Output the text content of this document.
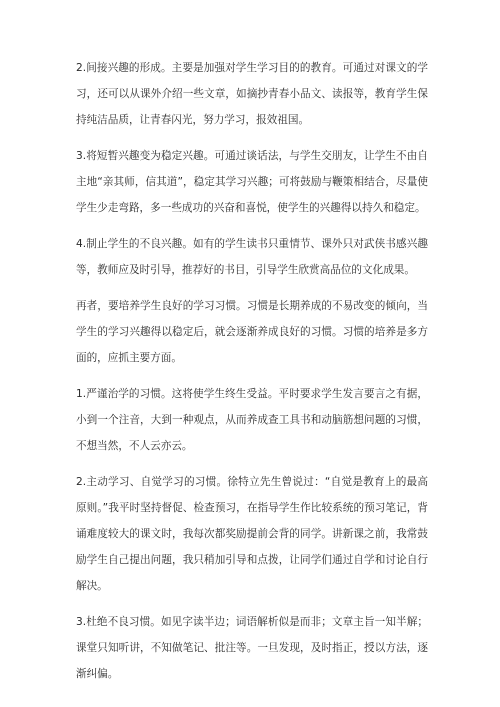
2.间接兴趣的形成。主要是加强对学生学习目的的教育。可通过对课文的学习，还可以从课外介绍一些文章，如摘抄青春小品文、读报等，教育学生保持纯洁品质，让青春闪光，努力学习，报效祖国。

3.将短暂兴趣变为稳定兴趣。可通过谈话法，与学生交朋友，让学生不由自主地“亲其师，信其道”，稳定其学习兴趣；可将鼓励与鞭策相结合，尽量使学生少走弯路，多一些成功的兴奋和喜悦，使学生的兴趣得以持久和稳定。

4.制止学生的不良兴趣。如有的学生读书只重情节、课外只对武侠书感兴趣等，教师应及时引导，推荐好的书目，引导学生欣赏高品位的文化成果。

再者，要培养学生良好的学习习惯。习惯是长期养成的不易改变的倾向，当学生的学习兴趣得以稳定后，就会逐渐养成良好的习惯。习惯的培养是多方面的，应抓主要方面。

1.严谨治学的习惯。这将使学生终生受益。平时要求学生发言要言之有据，小到一个注音，大到一种观点，从而养成查工具书和动脑筋想问题的习惯，不想当然，不人云亦云。

2.主动学习、自觉学习的习惯。徐特立先生曾说过：“自觉是教育上的最高原则。”我平时坚持督促、检查预习，在指导学生作比较系统的预习笔记，背诵难度较大的课文时，我每次都奖励提前会背的同学。讲新课之前，我常鼓励学生自己提出问题，我只稍加引导和点拨，让同学们通过自学和讨论自行解决。

3.杜绝不良习惯。如见字读半边；词语解析似是而非；文章主旨一知半解；课堂只知听讲，不知做笔记、批注等。一旦发现，及时指正，授以方法，逐渐纠偏。
